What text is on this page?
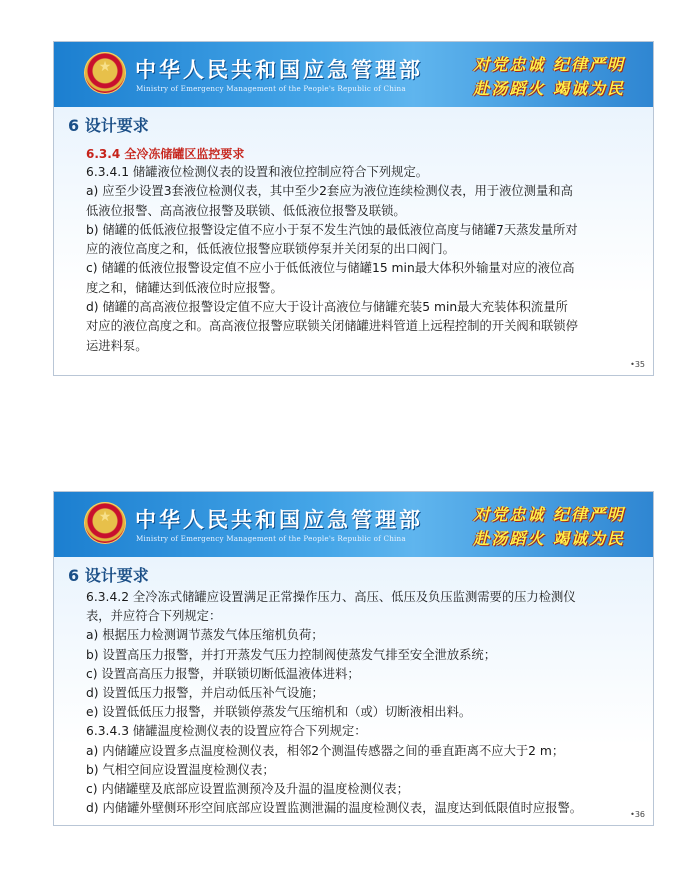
★
中华人民共和国应急管理部
Ministry of Emergency Management of the People's Republic of China
对党忠诚 纪律严明
赴汤蹈火 竭诚为民
6 设计要求
6.3.4 全冷冻储罐区监控要求
6.3.4.1 储罐液位检测仪表的设置和液位控制应符合下列规定。
a) 应至少设置3套液位检测仪表，其中至少2套应为液位连续检测仪表，用于液位测量和高
低液位报警、高高液位报警及联锁、低低液位报警及联锁。
b) 储罐的低低液位报警设定值不应小于泵不发生汽蚀的最低液位高度与储罐7天蒸发量所对
应的液位高度之和，低低液位报警应联锁停泵并关闭泵的出口阀门。
c) 储罐的低液位报警设定值不应小于低低液位与储罐15 min最大体积外输量对应的液位高
度之和，储罐达到低液位时应报警。
d) 储罐的高高液位报警设定值不应大于设计高液位与储罐充装5 min最大充装体积流量所
对应的液位高度之和。高高液位报警应联锁关闭储罐进料管道上远程控制的开关阀和联锁停
运进料泵。
•35
★
中华人民共和国应急管理部
Ministry of Emergency Management of the People's Republic of China
对党忠诚 纪律严明
赴汤蹈火 竭诚为民
6 设计要求
6.3.4.2 全冷冻式储罐应设置满足正常操作压力、高压、低压及负压监测需要的压力检测仪
表，并应符合下列规定：
a) 根据压力检测调节蒸发气体压缩机负荷；
b) 设置高压力报警，并打开蒸发气压力控制阀使蒸发气排至安全泄放系统；
c) 设置高高压力报警，并联锁切断低温液体进料；
d) 设置低压力报警，并启动低压补气设施；
e) 设置低低压力报警，并联锁停蒸发气压缩机和（或）切断液相出料。
6.3.4.3 储罐温度检测仪表的设置应符合下列规定：
a) 内储罐应设置多点温度检测仪表，相邻2个测温传感器之间的垂直距离不应大于2 m；
b) 气相空间应设置温度检测仪表；
c) 内储罐壁及底部应设置监测预冷及升温的温度检测仪表；
d) 内储罐外壁侧环形空间底部应设置监测泄漏的温度检测仪表，温度达到低限值时应报警。	•36
